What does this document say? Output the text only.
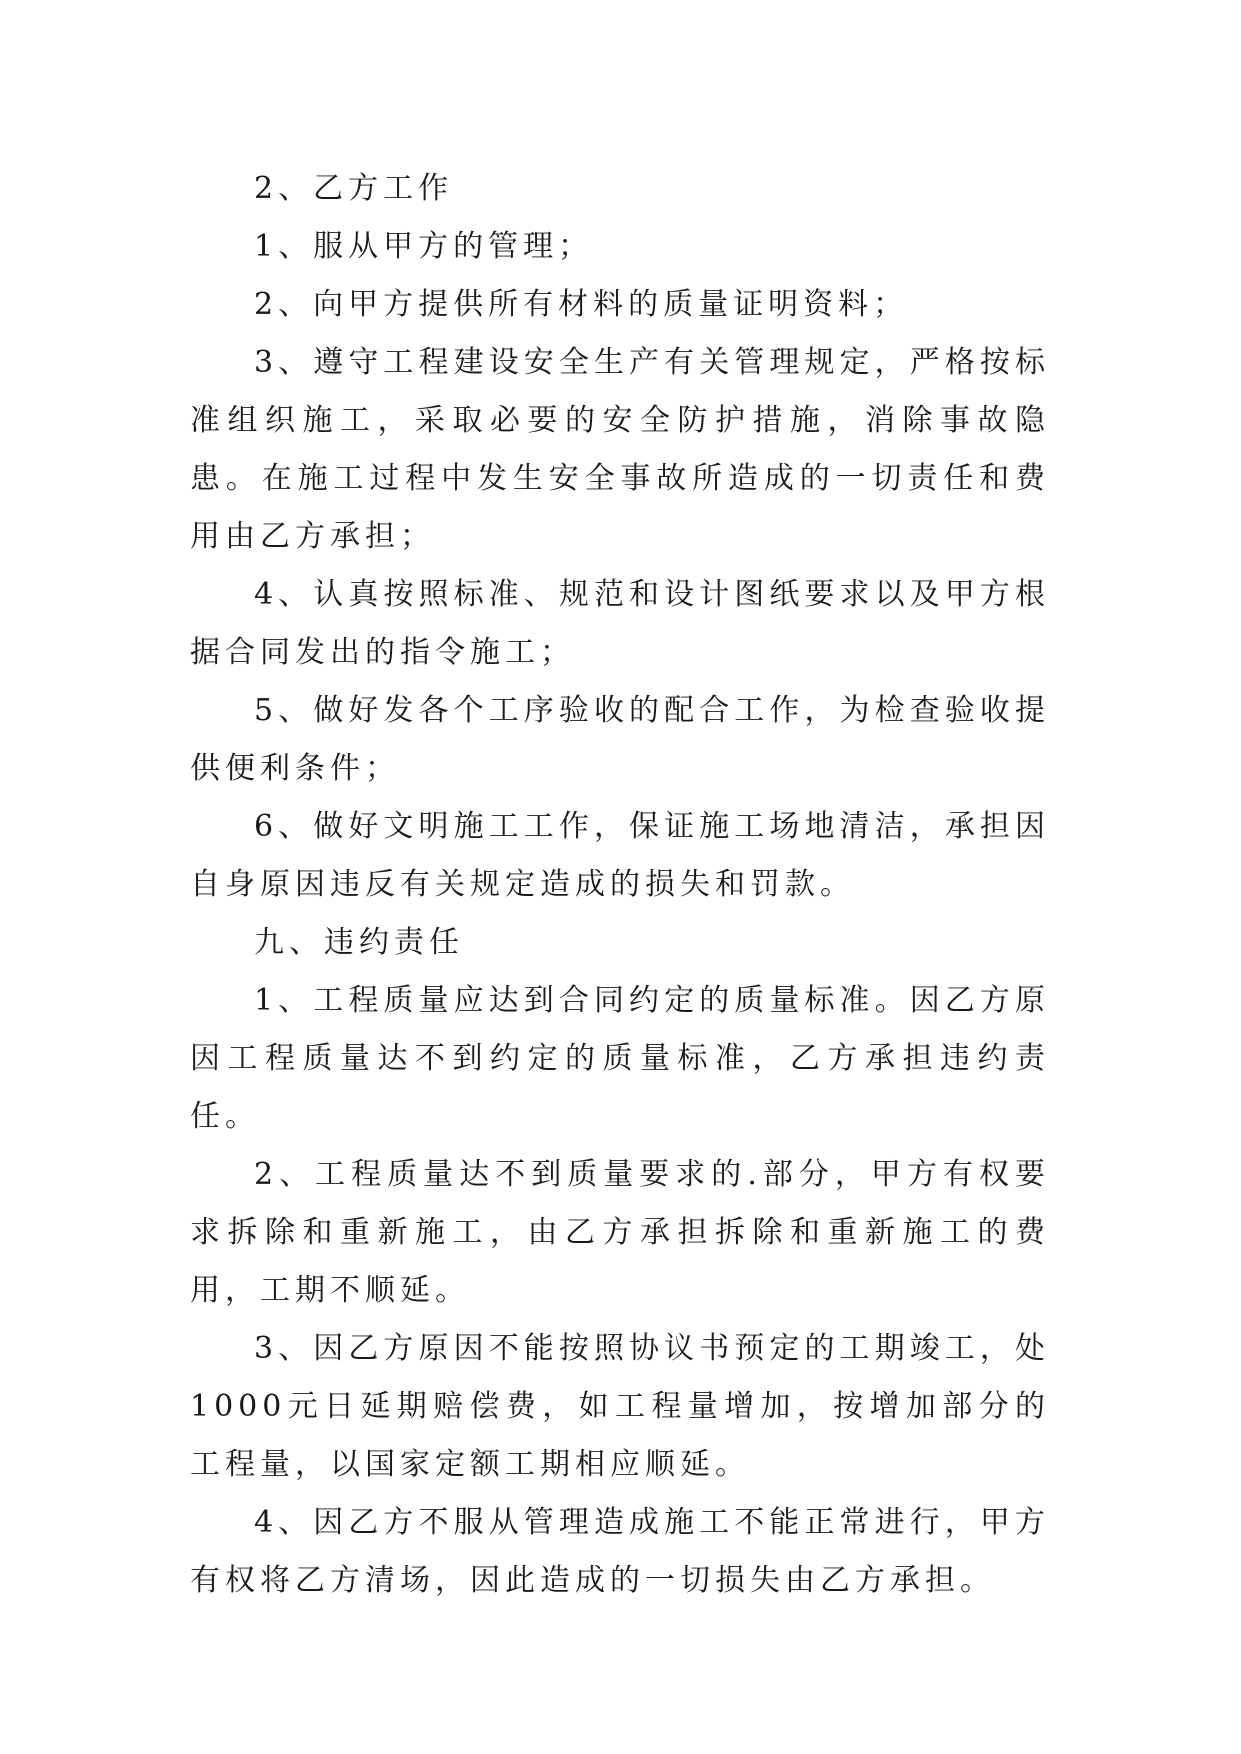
2、乙方工作

1、服从甲方的管理；

2、向甲方提供所有材料的质量证明资料；

3、遵守工程建设安全生产有关管理规定，严格按标准组织施工，采取必要的安全防护措施，消除事故隐患。在施工过程中发生安全事故所造成的一切责任和费用由乙方承担；

4、认真按照标准、规范和设计图纸要求以及甲方根据合同发出的指令施工；

5、做好发各个工序验收的配合工作，为检查验收提供便利条件；

6、做好文明施工工作，保证施工场地清洁，承担因自身原因违反有关规定造成的损失和罚款。

九、违约责任

1、工程质量应达到合同约定的质量标准。因乙方原因工程质量达不到约定的质量标准，乙方承担违约责任。

2、工程质量达不到质量要求的.部分，甲方有权要求拆除和重新施工，由乙方承担拆除和重新施工的费用，工期不顺延。

3、因乙方原因不能按照协议书预定的工期竣工，处1000元日延期赔偿费，如工程量增加，按增加部分的工程量，以国家定额工期相应顺延。

4、因乙方不服从管理造成施工不能正常进行，甲方有权将乙方清场，因此造成的一切损失由乙方承担。
